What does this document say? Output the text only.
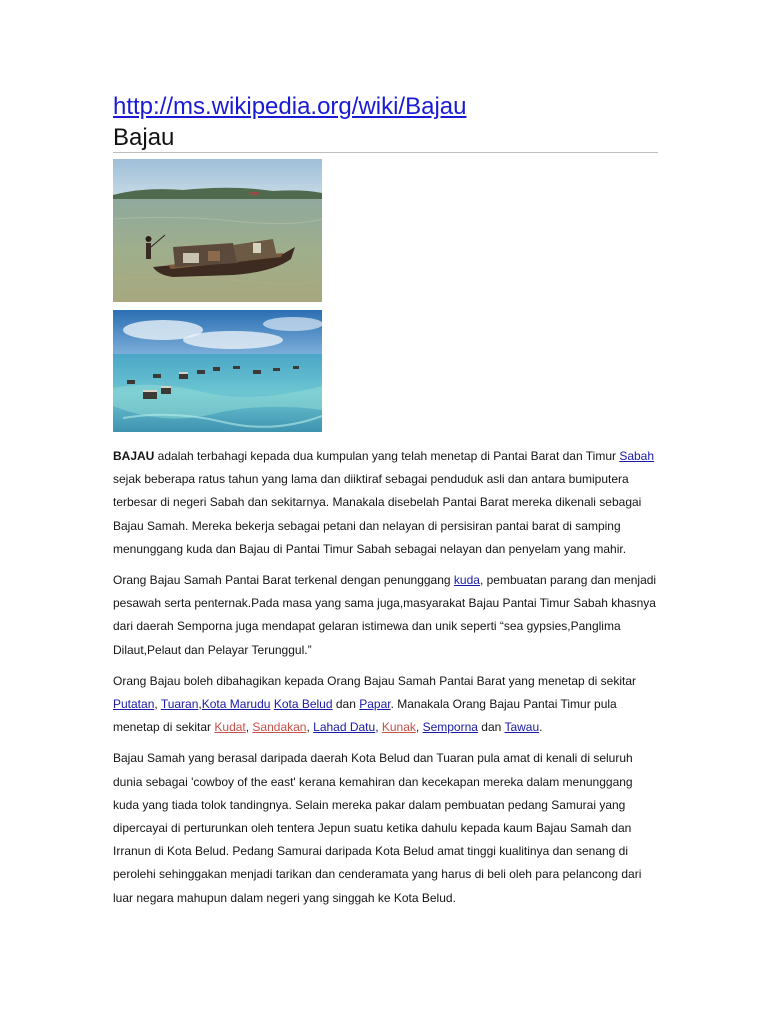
http://ms.wikipedia.org/wiki/Bajau
Bajau

BAJAU adalah terbahagi kepada dua kumpulan yang telah menetap di Pantai Barat dan Timur Sabah sejak beberapa ratus tahun yang lama dan diiktiraf sebagai penduduk asli dan antara bumiputera terbesar di negeri Sabah dan sekitarnya. Manakala disebelah Pantai Barat mereka dikenali sebagai Bajau Samah. Mereka bekerja sebagai petani dan nelayan di persisiran pantai barat di samping menunggang kuda dan Bajau di Pantai Timur Sabah sebagai nelayan dan penyelam yang mahir.

Orang Bajau Samah Pantai Barat terkenal dengan penunggang kuda, pembuatan parang dan menjadi pesawah serta penternak.Pada masa yang sama juga,masyarakat Bajau Pantai Timur Sabah khasnya dari daerah Semporna juga mendapat gelaran istimewa dan unik seperti “sea gypsies,Panglima Dilaut,Pelaut dan Pelayar Terunggul.”

Orang Bajau boleh dibahagikan kepada Orang Bajau Samah Pantai Barat yang menetap di sekitar Putatan, Tuaran,Kota Marudu Kota Belud dan Papar. Manakala Orang Bajau Pantai Timur pula menetap di sekitar Kudat, Sandakan, Lahad Datu, Kunak, Semporna dan Tawau.

Bajau Samah yang berasal daripada daerah Kota Belud dan Tuaran pula amat di kenali di seluruh dunia sebagai 'cowboy of the east' kerana kemahiran dan kecekapan mereka dalam menunggang kuda yang tiada tolok tandingnya. Selain mereka pakar dalam pembuatan pedang Samurai yang dipercayai di perturunkan oleh tentera Jepun suatu ketika dahulu kepada kaum Bajau Samah dan Irranun di Kota Belud. Pedang Samurai daripada Kota Belud amat tinggi kualitinya dan senang di perolehi sehinggakan menjadi tarikan dan cenderamata yang harus di beli oleh para pelancong dari luar negara mahupun dalam negeri yang singgah ke Kota Belud.
